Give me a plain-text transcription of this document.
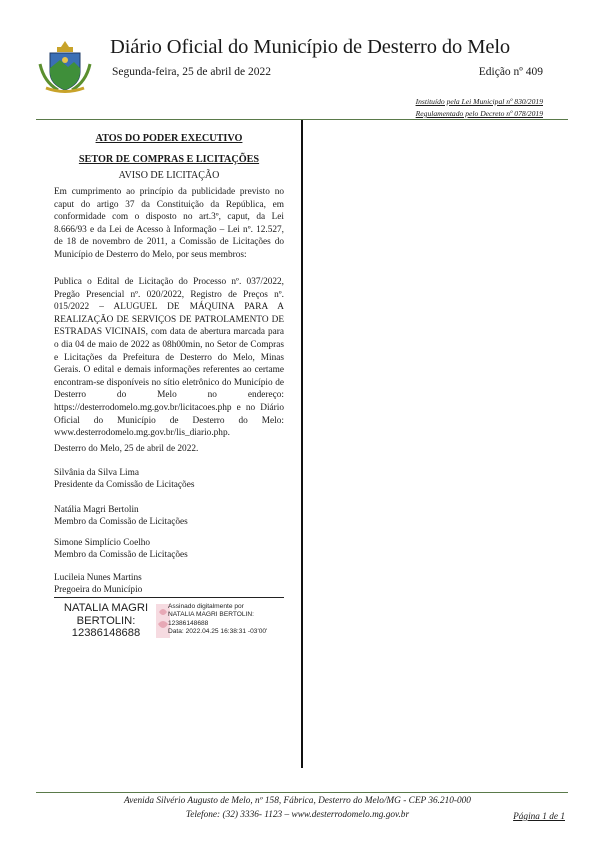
Diário Oficial do Município de Desterro do Melo
Segunda-feira, 25 de abril de 2022	Edição nº 409
Instituído pela Lei Municipal nº 830/2019
Regulamentado pelo Decreto nº 078/2019
ATOS DO PODER EXECUTIVO
SETOR DE COMPRAS E LICITAÇÕES
AVISO DE LICITAÇÃO
Em cumprimento ao princípio da publicidade previsto no caput do artigo 37 da Constituição da República, em conformidade com o disposto no art.3º, caput, da Lei 8.666/93 e da Lei de Acesso à Informação – Lei nº. 12.527, de 18 de novembro de 2011, a Comissão de Licitações do Município de Desterro do Melo, por seus membros:
Publica o Edital de Licitação do Processo nº. 037/2022, Pregão Presencial nº. 020/2022, Registro de Preços nº. 015/2022 – ALUGUEL DE MÁQUINA PARA A REALIZAÇÃO DE SERVIÇOS DE PATROLAMENTO DE ESTRADAS VICINAIS, com data de abertura marcada para o dia 04 de maio de 2022 as 08h00min, no Setor de Compras e Licitações da Prefeitura de Desterro do Melo, Minas Gerais. O edital e demais informações referentes ao certame encontram-se disponíveis no sítio eletrônico do Município de Desterro do Melo no endereço: https://desterrodomelo.mg.gov.br/licitacoes.php e no Diário Oficial do Município de Desterro do Melo: www.desterrodomelo.mg.gov.br/lis_diario.php.
Desterro do Melo, 25 de abril de 2022.
Silvânia da Silva Lima
Presidente da Comissão de Licitações
Natália Magri Bertolin
Membro da Comissão de Licitações
Simone Simplício Coelho
Membro da Comissão de Licitações
Lucileia Nunes Martins
Pregoeira do Município
NATALIA MAGRI
BERTOLIN:
12386148688
Assinado digitalmente por
NATALIA MAGRI BERTOLIN:
12386148688
Data: 2022.04.25 16:38:31 -03'00'
Avenida Silvério Augusto de Melo, nº 158, Fábrica, Desterro do Melo/MG - CEP 36.210-000
Telefone: (32) 3336- 1123 – www.desterrodomelo.mg.gov.br	Página 1 de 1
